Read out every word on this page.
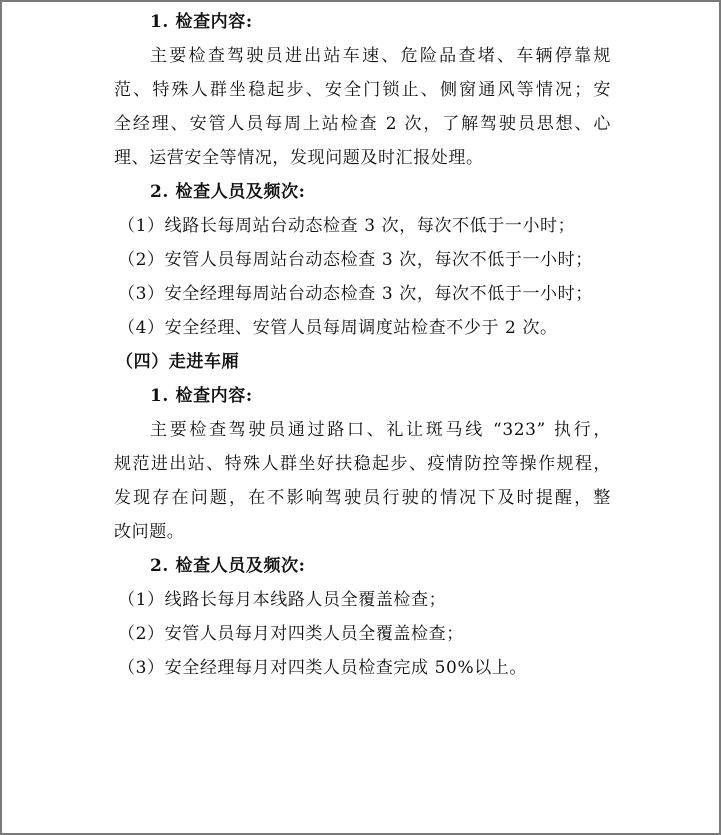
1. 检查内容:
主要检查驾驶员进出站车速、危险品查堵、车辆停靠规
范、特殊人群坐稳起步、安全门锁止、侧窗通风等情况；安
全经理、安管人员每周上站检查 2 次，了解驾驶员思想、心
理、运营安全等情况，发现问题及时汇报处理。
2. 检查人员及频次:
（1）线路长每周站台动态检查 3 次，每次不低于一小时；
（2）安管人员每周站台动态检查 3 次，每次不低于一小时；
（3）安全经理每周站台动态检查 3 次，每次不低于一小时；
（4）安全经理、安管人员每周调度站检查不少于 2 次。
（四）走进车厢
1. 检查内容:
主要检查驾驶员通过路口、礼让斑马线 “323” 执行，
规范进出站、特殊人群坐好扶稳起步、疫情防控等操作规程，
发现存在问题，在不影响驾驶员行驶的情况下及时提醒，整
改问题。
2. 检查人员及频次:
（1）线路长每月本线路人员全覆盖检查；
（2）安管人员每月对四类人员全覆盖检查；
（3）安全经理每月对四类人员检查完成 50%以上。
